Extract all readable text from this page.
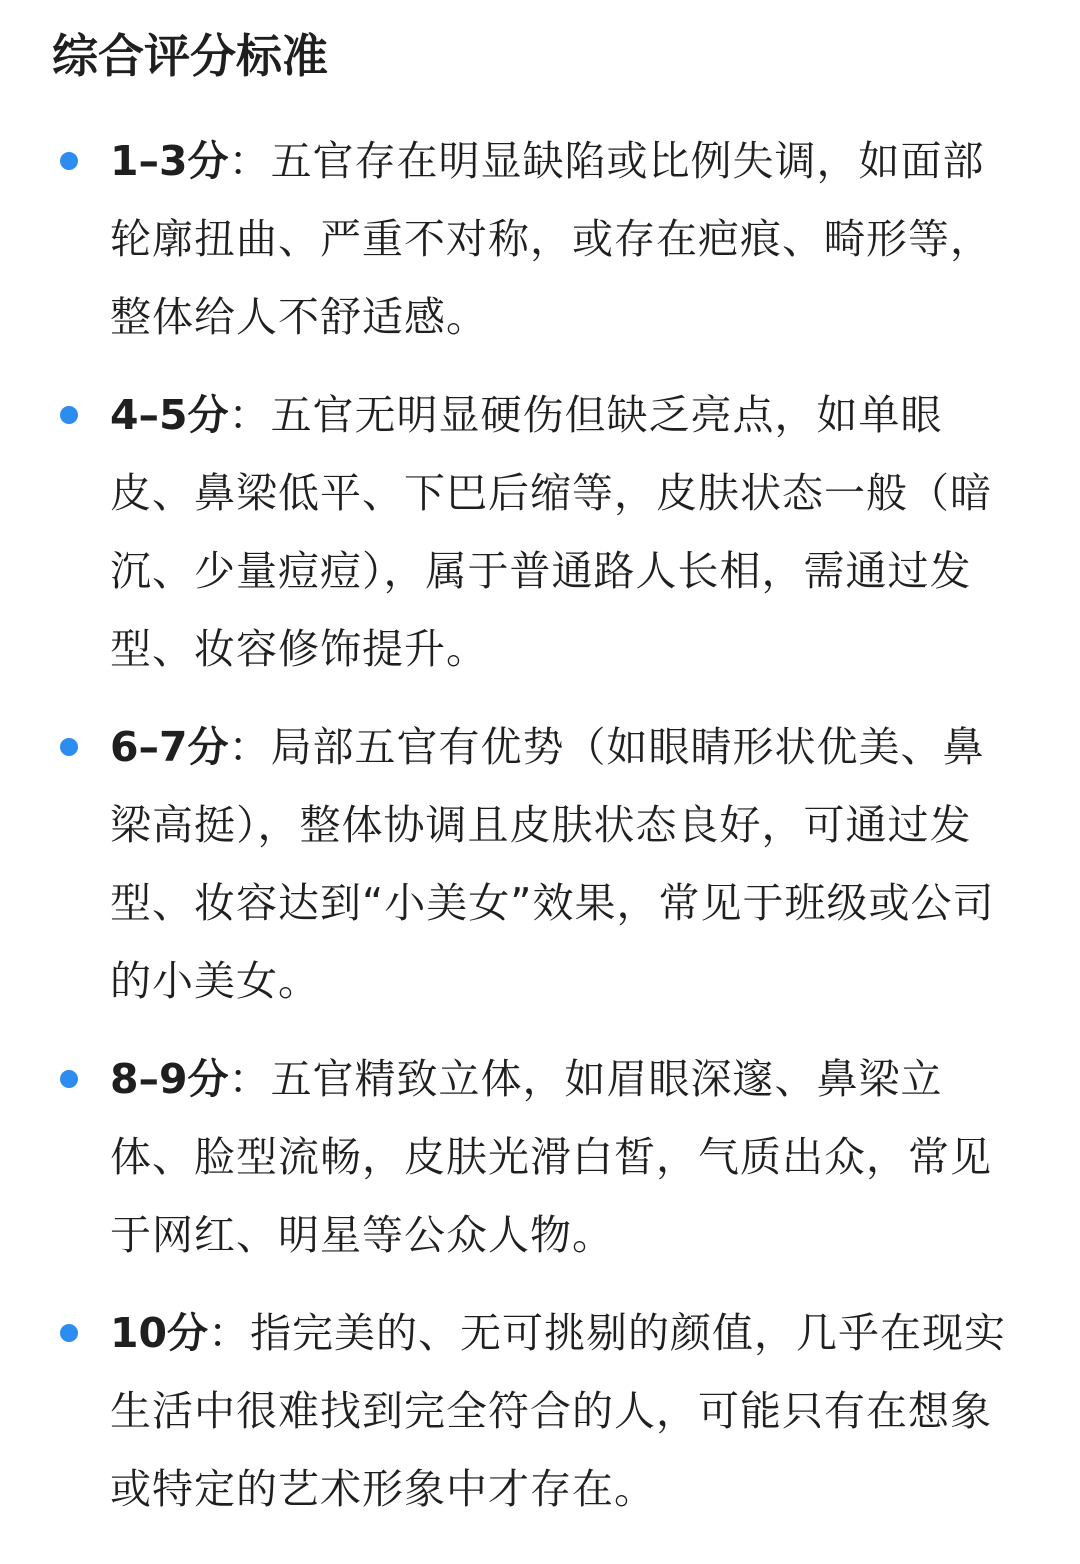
综合评分标准
1–3分：五官存在明显缺陷或比例失调，如面部轮廓扭曲、严重不对称，或存在疤痕、畸形等，整体给人不舒适感。
4–5分：五官无明显硬伤但缺乏亮点，如单眼皮、鼻梁低平、下巴后缩等，皮肤状态一般（暗沉、少量痘痘），属于普通路人长相，需通过发型、妆容修饰提升。
6–7分：局部五官有优势（如眼睛形状优美、鼻梁高挺），整体协调且皮肤状态良好，可通过发型、妆容达到“小美女”效果，常见于班级或公司的小美女。
8–9分：五官精致立体，如眉眼深邃、鼻梁立体、脸型流畅，皮肤光滑白皙，气质出众，常见于网红、明星等公众人物。
10分：指完美的、无可挑剔的颜值，几乎在现实生活中很难找到完全符合的人，可能只有在想象或特定的艺术形象中才存在。
